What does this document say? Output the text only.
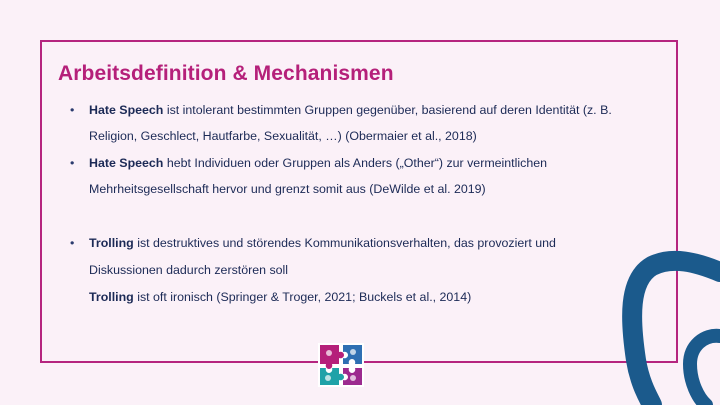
Arbeitsdefinition & Mechanismen
• Hate Speech ist intolerant bestimmten Gruppen gegenüber, basierend auf deren Identität (z. B.
Religion, Geschlect, Hautfarbe, Sexualität, …) (Obermaier et al., 2018)
• Hate Speech hebt Individuen oder Gruppen als Anders („Other“) zur vermeintlichen
Mehrheitsgesellschaft hervor und grenzt somit aus (DeWilde et al. 2019)
• Trolling ist destruktives und störendes Kommunikationsverhalten, das provoziert und
Diskussionen dadurch zerstören soll
Trolling ist oft ironisch (Springer & Troger, 2021; Buckels et al., 2014)
